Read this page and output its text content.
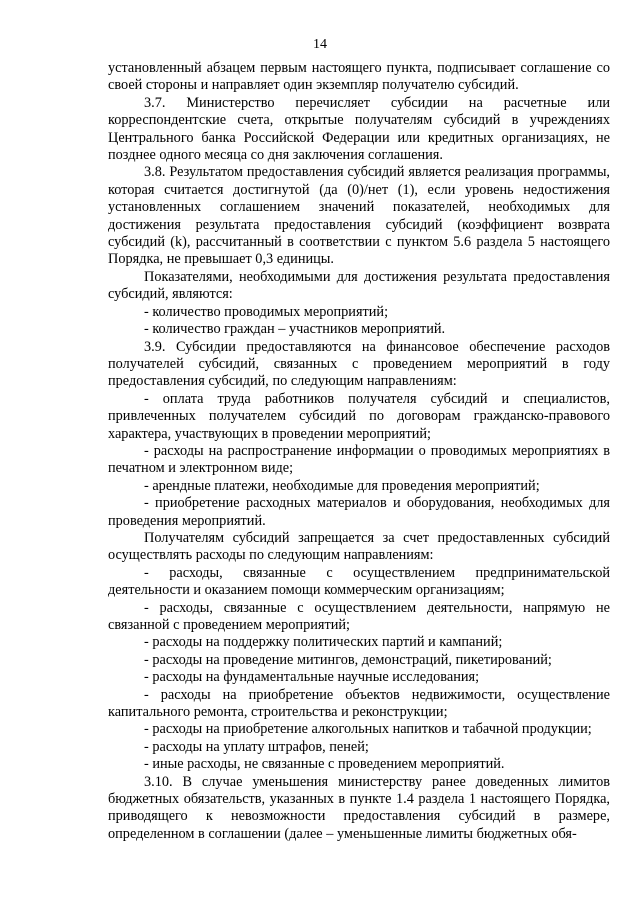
14

установленный абзацем первым настоящего пункта, подписывает соглашение со своей стороны и направляет один экземпляр получателю субсидий.

3.7. Министерство перечисляет субсидии на расчетные или корреспондентские счета, открытые получателям субсидий в учреждениях Центрального банка Российской Федерации или кредитных организациях, не позднее одного месяца со дня заключения соглашения.

3.8. Результатом предоставления субсидий является реализация программы, которая считается достигнутой (да (0)/нет (1), если уровень недостижения установленных соглашением значений показателей, необходимых для достижения результата предоставления субсидий (коэффициент возврата субсидий (k), рассчитанный в соответствии с пунктом 5.6 раздела 5 настоящего Порядка, не превышает 0,3 единицы.

Показателями, необходимыми для достижения результата предоставления субсидий, являются:

- количество проводимых мероприятий;

- количество граждан – участников мероприятий.

3.9. Субсидии предоставляются на финансовое обеспечение расходов получателей субсидий, связанных с проведением мероприятий в году предоставления субсидий, по следующим направлениям:

- оплата труда работников получателя субсидий и специалистов, привлеченных получателем субсидий по договорам гражданско-правового характера, участвующих в проведении мероприятий;

- расходы на распространение информации о проводимых мероприятиях в печатном и электронном виде;

- арендные платежи, необходимые для проведения мероприятий;

- приобретение расходных материалов и оборудования, необходимых для проведения мероприятий.

Получателям субсидий запрещается за счет предоставленных субсидий осуществлять расходы по следующим направлениям:

- расходы, связанные с осуществлением предпринимательской деятельности и оказанием помощи коммерческим организациям;

- расходы, связанные с осуществлением деятельности, напрямую не связанной с проведением мероприятий;

- расходы на поддержку политических партий и кампаний;

- расходы на проведение митингов, демонстраций, пикетирований;

- расходы на фундаментальные научные исследования;

- расходы на приобретение объектов недвижимости, осуществление капитального ремонта, строительства и реконструкции;

- расходы на приобретение алкогольных напитков и табачной продукции;

- расходы на уплату штрафов, пеней;

- иные расходы, не связанные с проведением мероприятий.

3.10. В случае уменьшения министерству ранее доведенных лимитов бюджетных обязательств, указанных в пункте 1.4 раздела 1 настоящего Порядка, приводящего к невозможности предоставления субсидий в размере, определенном в соглашении (далее – уменьшенные лимиты бюджетных обя-
